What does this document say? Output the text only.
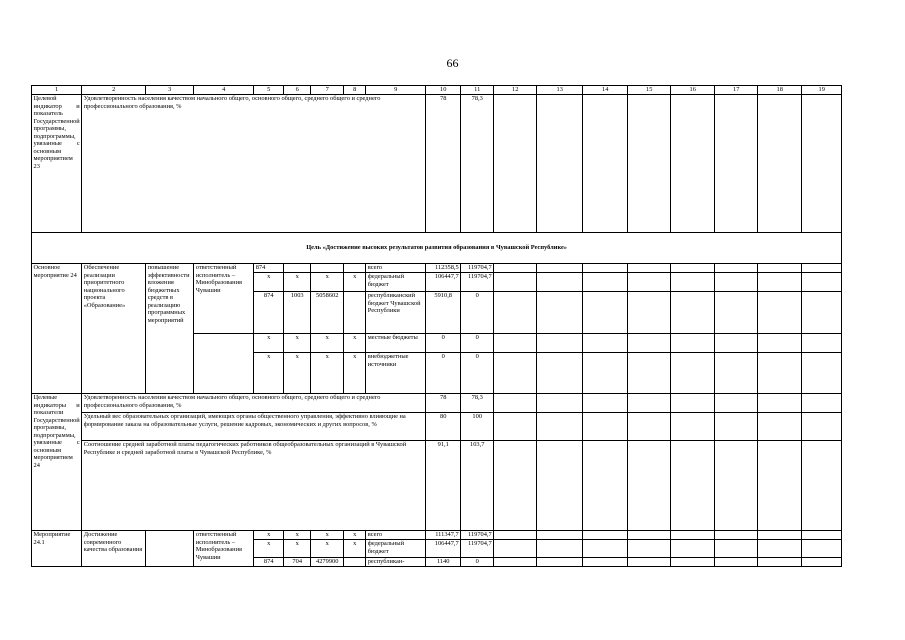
66
1	2	3	4	5	6	7	8	9	10	11	12	13	14	15	16	17	18	19
Целевой индикатор и показатель Государственной программы, подпрограммы, увязанные с основным мероприятием 23	Удовлетворенность населения качеством начального общего, основного общего, среднего общего и среднего профессионального образования, %								78	78,3								
Цель «Достижение высоких результатов развития образования в Чувашской Республике»																		
Основное мероприятие 24	Обеспечение реализации приоритетного национального проекта «Образование»	повышение эффективности вложения бюджетных средств в реализацию программных мероприятий	ответственный исполнитель – Минобразования Чувашии	874				всего	112358,5	119704,7								
				x	x	x	x	федеральный бюджет	106447,7	119704,7								
				874	1003	5058602		республиканский бюджет Чувашской Республики	5910,8	0								
				x	x	x	x	местные бюджеты	0	0								
				x	x	x	x	внебюджетные источники	0	0								
Целевые индикаторы и показатели Государственной программы, подпрограммы, увязанные с основным мероприятием 24	Удовлетворенность населения качеством начального общего, основного общего, среднего общего и среднего профессионального образования, %								78	78,3								
	Удельный вес образовательных организаций, имеющих органы общественного управления, эффективно влияющие на формирование заказа на образовательные услуги, решение кадровых, экономических и других вопросов, %								80	100								
	Соотношение средней заработной платы педагогических работников общеобразовательных организаций в Чувашской Республике и средней заработной платы в Чувашской Республике, %								91,1	103,7								
Мероприятие 24.1	Достижение современного качества образования		ответственный исполнитель – Минобразования Чувашии	x	x	x	x	всего	111347,7	119704,7								
				x	x	x	x	федеральный бюджет	106447,7	119704,7								
				874	704	4279900		республикан-	1140	0								
